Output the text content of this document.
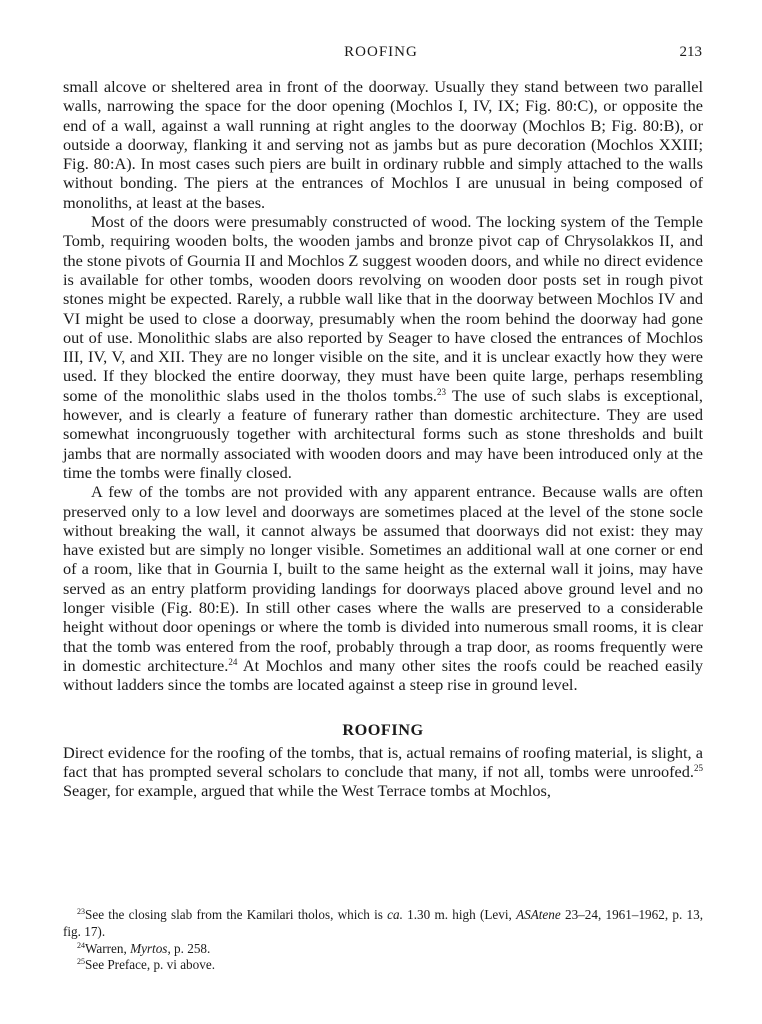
ROOFING	213

small alcove or sheltered area in front of the doorway. Usually they stand between two parallel walls, narrowing the space for the door opening (Mochlos I, IV, IX; Fig. 80:C), or opposite the end of a wall, against a wall running at right angles to the doorway (Mochlos B; Fig. 80:B), or outside a doorway, flanking it and serving not as jambs but as pure decoration (Mochlos XXIII; Fig. 80:A). In most cases such piers are built in ordinary rubble and simply attached to the walls without bonding. The piers at the entrances of Mochlos I are unusual in being composed of monoliths, at least at the bases.

Most of the doors were presumably constructed of wood. The locking system of the Temple Tomb, requiring wooden bolts, the wooden jambs and bronze pivot cap of Chrysolakkos II, and the stone pivots of Gournia II and Mochlos Z suggest wooden doors, and while no direct evidence is available for other tombs, wooden doors revolving on wooden door posts set in rough pivot stones might be expected. Rarely, a rubble wall like that in the doorway between Mochlos IV and VI might be used to close a doorway, presumably when the room behind the doorway had gone out of use. Monolithic slabs are also reported by Seager to have closed the entrances of Mochlos III, IV, V, and XII. They are no longer visible on the site, and it is unclear exactly how they were used. If they blocked the entire doorway, they must have been quite large, perhaps resembling some of the monolithic slabs used in the tholos tombs.$^{23}$ The use of such slabs is exceptional, however, and is clearly a feature of funerary rather than domestic architecture. They are used somewhat incongruously together with architectural forms such as stone thresholds and built jambs that are normally associated with wooden doors and may have been introduced only at the time the tombs were finally closed.

A few of the tombs are not provided with any apparent entrance. Because walls are often preserved only to a low level and doorways are sometimes placed at the level of the stone socle without breaking the wall, it cannot always be assumed that doorways did not exist: they may have existed but are simply no longer visible. Sometimes an additional wall at one corner or end of a room, like that in Gournia I, built to the same height as the external wall it joins, may have served as an entry platform providing landings for doorways placed above ground level and no longer visible (Fig. 80:E). In still other cases where the walls are preserved to a considerable height without door openings or where the tomb is divided into numerous small rooms, it is clear that the tomb was entered from the roof, probably through a trap door, as rooms frequently were in domestic architecture.$^{24}$ At Mochlos and many other sites the roofs could be reached easily without ladders since the tombs are located against a steep rise in ground level.

ROOFING

Direct evidence for the roofing of the tombs, that is, actual remains of roofing material, is slight, a fact that has prompted several scholars to conclude that many, if not all, tombs were unroofed.$^{25}$ Seager, for example, argued that while the West Terrace tombs at Mochlos,

$^{23}$See the closing slab from the Kamilari tholos, which is ca. 1.30 m. high (Levi, ASAtene 23–24, 1961–1962, p. 13, fig. 17).

$^{24}$Warren, Myrtos, p. 258.

$^{25}$See Preface, p. vi above.
